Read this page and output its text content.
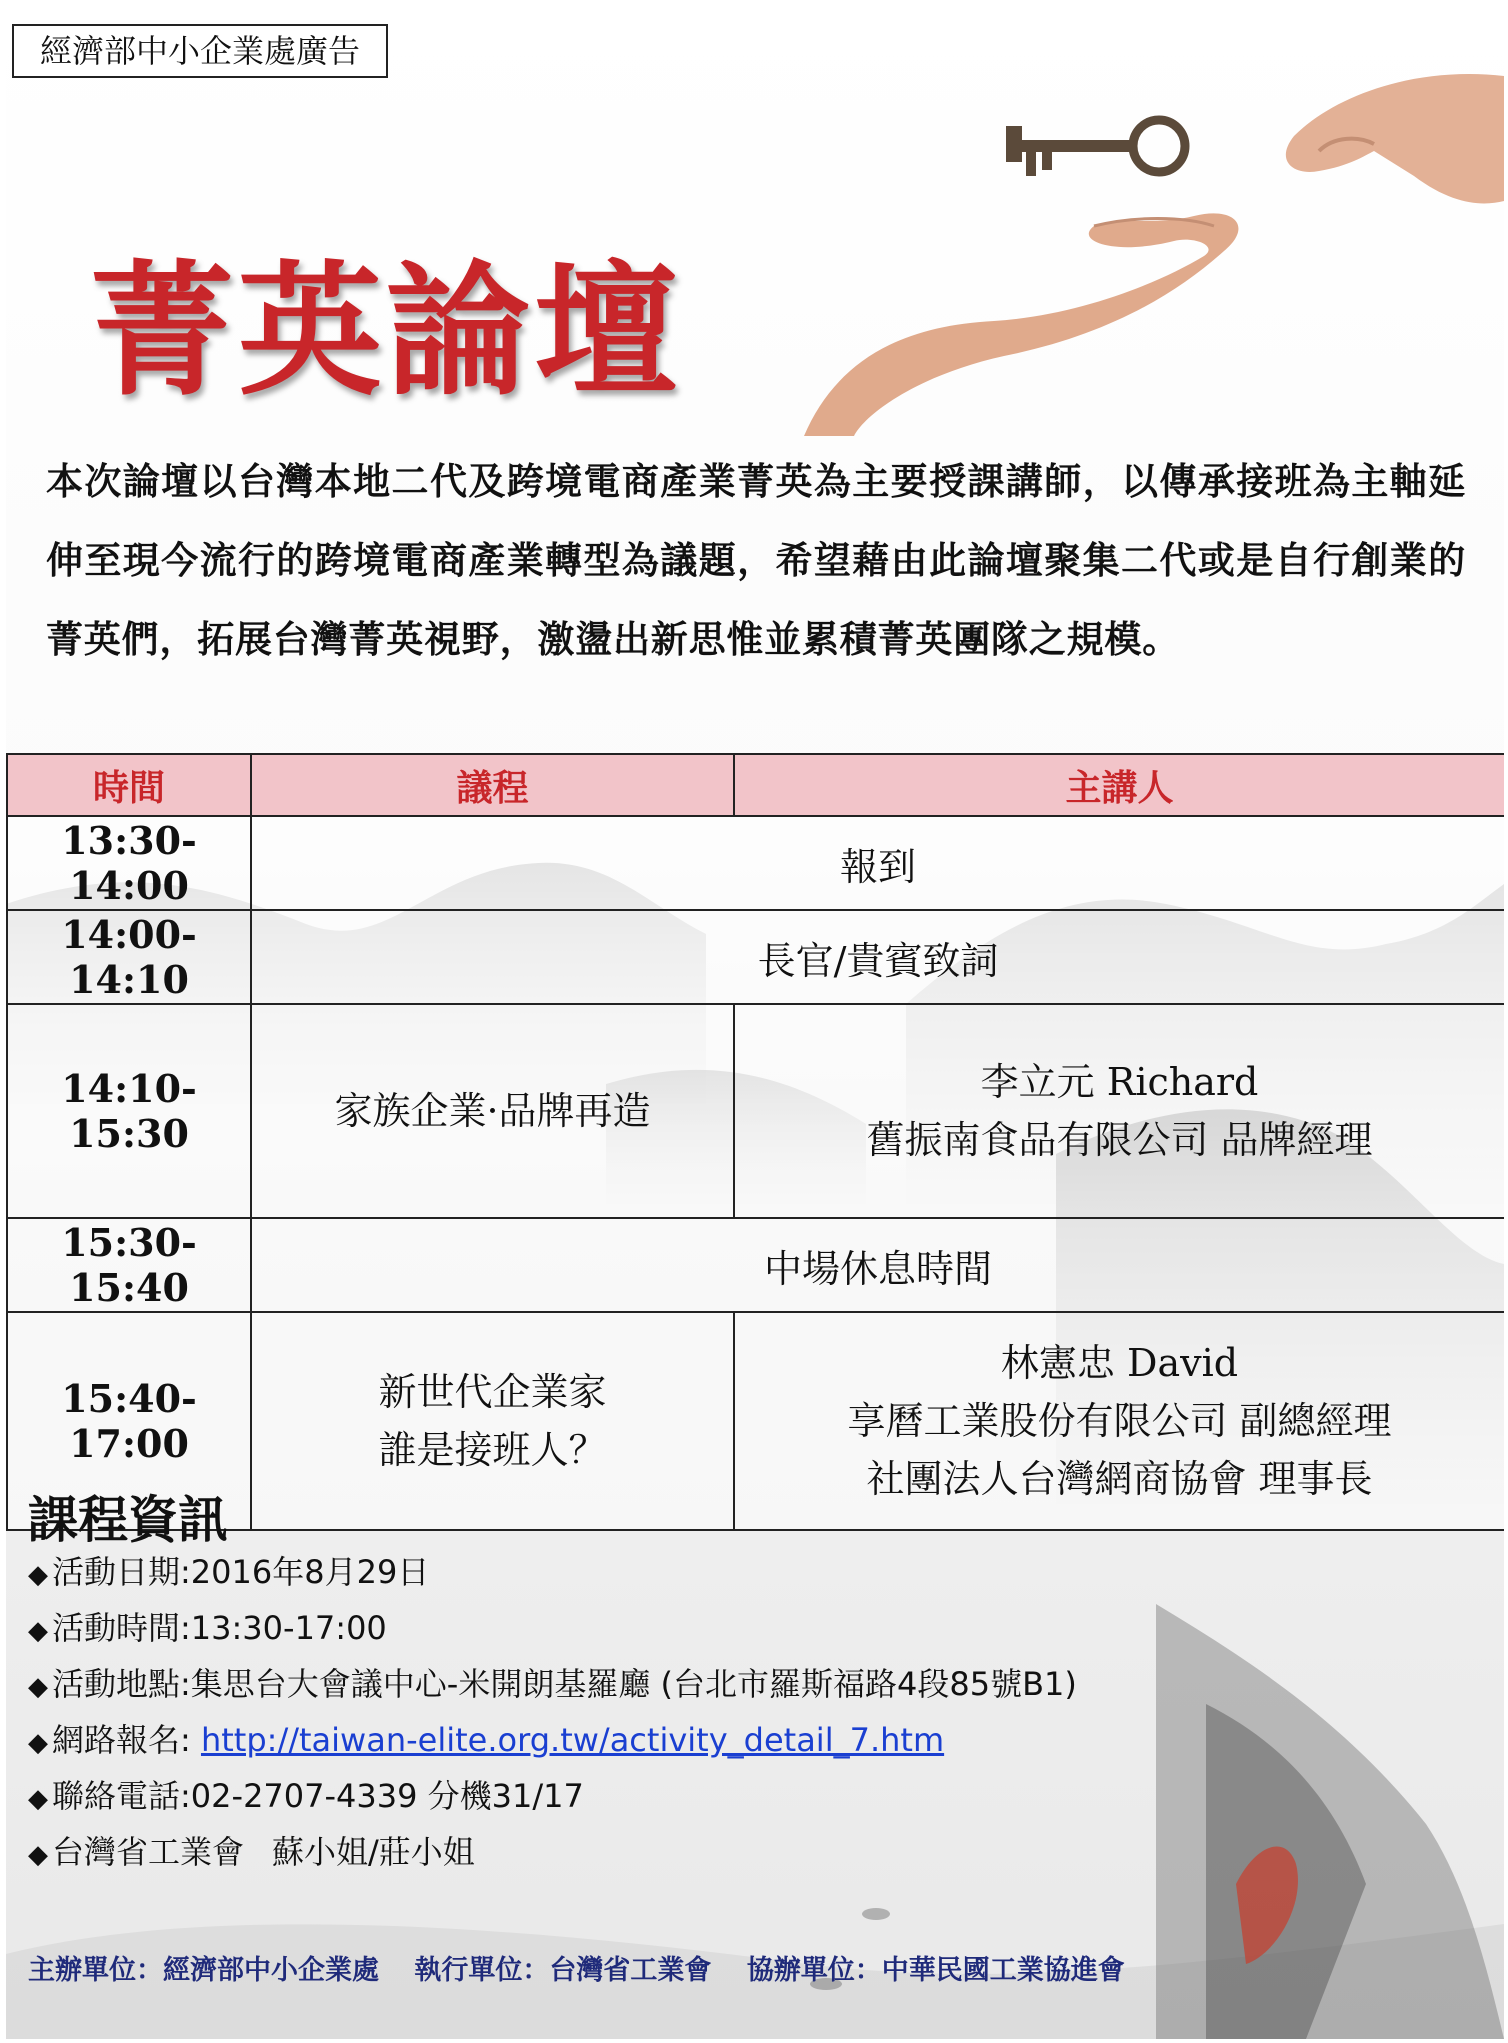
經濟部中小企業處廣告
菁英論壇
本次論壇以台灣本地二代及跨境電商產業菁英為主要授課講師，以傳承接班為主軸延伸至現今流行的跨境電商產業轉型為議題，希望藉由此論壇聚集二代或是自行創業的菁英們，拓展台灣菁英視野，激盪出新思惟並累積菁英團隊之規模。
時間	議程	主講人
13:30-14:00	報到	
14:00-14:10	長官/貴賓致詞	
14:10-15:30	家族企業·品牌再造	李立元 Richard
舊振南食品有限公司 品牌經理

15:30-15:40	中場休息時間	
15:40-17:00	新世代企業家
誰是接班人？	林憲忠 David
享曆工業股份有限公司 副總經理
社團法人台灣網商協會 理事長
課程資訊
◆ 活動日期:2016年8月29日
◆ 活動時間:13:30-17:00
◆ 活動地點:集思台大會議中心-米開朗基羅廳 (台北市羅斯福路4段85號B1)
◆ 網路報名: http://taiwan-elite.org.tw/activity_detail_7.htm
◆ 聯絡電話:02-2707-4339 分機31/17
◆ 台灣省工業會 蘇小姐/莊小姐
主辦單位：經濟部中小企業處 執行單位：台灣省工業會 協辦單位：中華民國工業協進會
